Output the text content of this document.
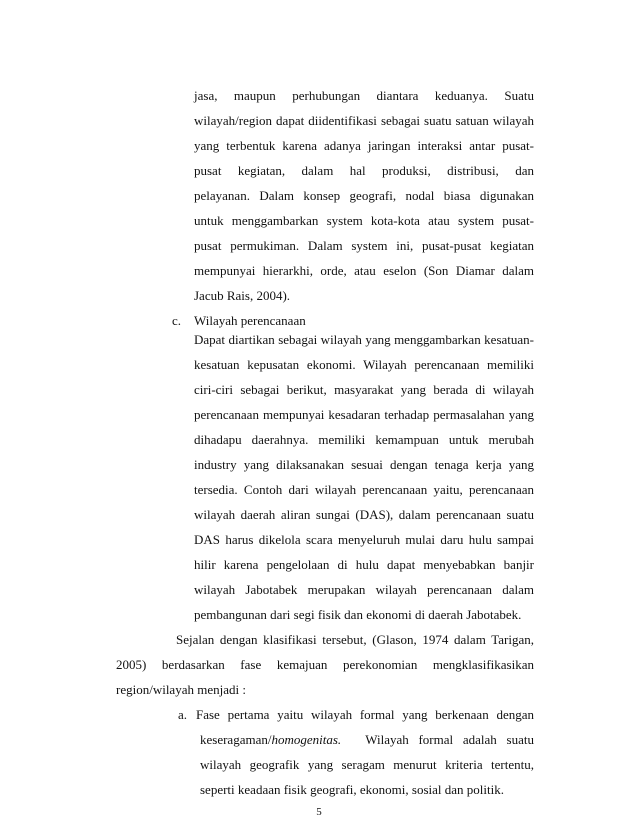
jasa, maupun perhubungan diantara keduanya. Suatu
wilayah/region dapat diidentifikasi sebagai suatu satuan wilayah
yang terbentuk karena adanya jaringan interaksi antar pusat-
pusat kegiatan, dalam hal produksi, distribusi, dan
pelayanan. Dalam konsep geografi, nodal biasa digunakan
untuk menggambarkan system kota-kota atau system pusat-
pusat permukiman. Dalam system ini, pusat-pusat kegiatan
mempunyai hierarkhi, orde, atau eselon (Son Diamar dalam
Jacub Rais, 2004).
c. Wilayah perencanaan
Dapat diartikan sebagai wilayah yang menggambarkan kesatuan-
kesatuan kepusatan ekonomi. Wilayah perencanaan memiliki
ciri-ciri sebagai berikut, masyarakat yang berada di wilayah
perencanaan mempunyai kesadaran terhadap permasalahan yang
dihadapu daerahnya. memiliki kemampuan untuk merubah
industry yang dilaksanakan sesuai dengan tenaga kerja yang
tersedia. Contoh dari wilayah perencanaan yaitu, perencanaan
wilayah daerah aliran sungai (DAS), dalam perencanaan suatu
DAS harus dikelola scara menyeluruh mulai daru hulu sampai
hilir karena pengelolaan di hulu dapat menyebabkan banjir
wilayah Jabotabek merupakan wilayah perencanaan dalam
pembangunan dari segi fisik dan ekonomi di daerah Jabotabek.
Sejalan dengan klasifikasi tersebut, (Glason, 1974 dalam Tarigan,
2005) berdasarkan fase kemajuan perekonomian mengklasifikasikan
region/wilayah menjadi :
a. Fase pertama yaitu wilayah formal yang berkenaan dengan
keseragaman/homogenitas. Wilayah   formal   adalah   suatu
wilayah geografik yang seragam menurut kriteria tertentu,
seperti keadaan fisik geografi, ekonomi, sosial dan politik.
5
